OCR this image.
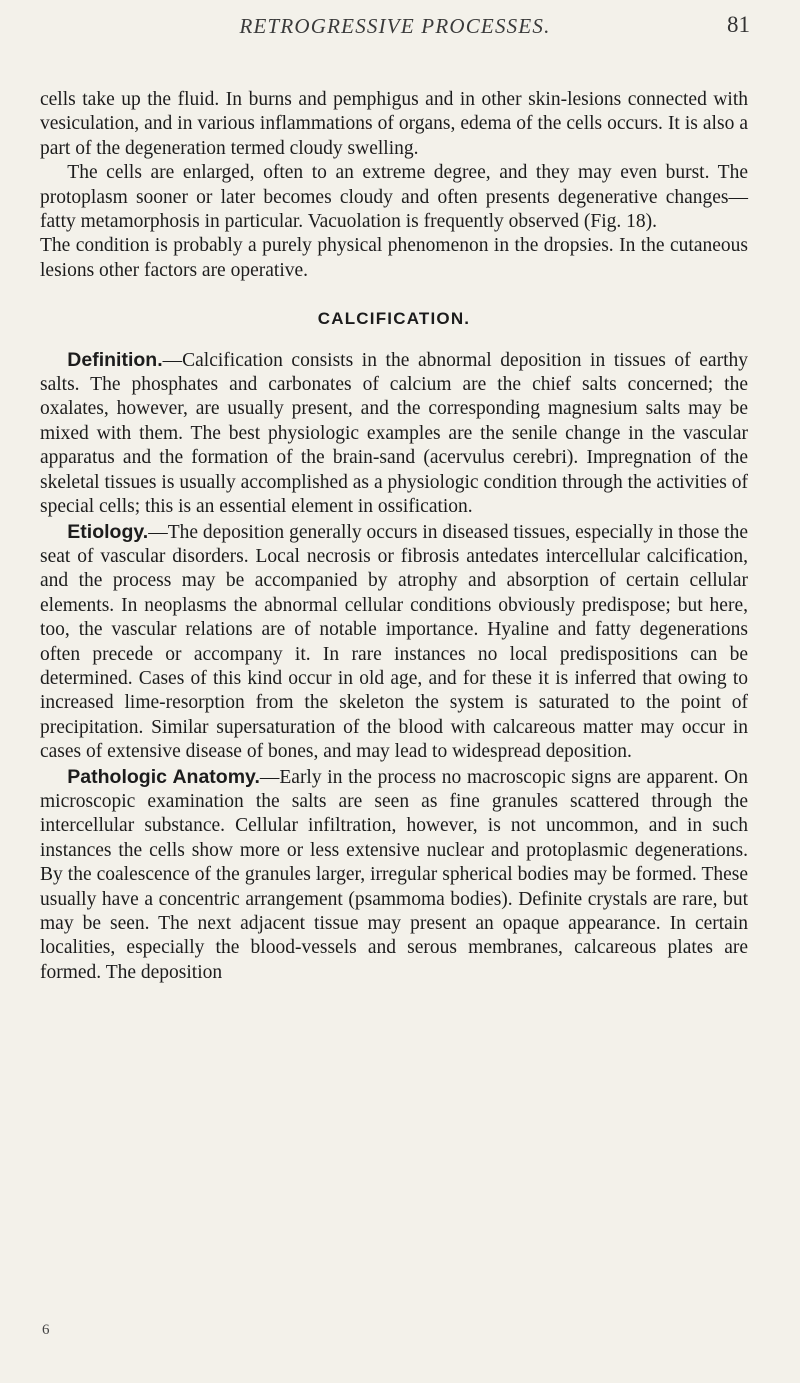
RETROGRESSIVE PROCESSES.	81

cells take up the fluid. In burns and pemphigus and in other skin-lesions connected with vesiculation, and in various inflammations of organs, edema of the cells occurs. It is also a part of the degeneration termed cloudy swelling.

The cells are enlarged, often to an extreme degree, and they may even burst. The protoplasm sooner or later becomes cloudy and often presents degenerative changes—fatty metamorphosis in particular. Vacuolation is frequently observed (Fig. 18).

The condition is probably a purely physical phenomenon in the dropsies. In the cutaneous lesions other factors are operative.

CALCIFICATION.

Definition.—Calcification consists in the abnormal deposition in tissues of earthy salts. The phosphates and carbonates of calcium are the chief salts concerned; the oxalates, however, are usually present, and the corresponding magnesium salts may be mixed with them. The best physiologic examples are the senile change in the vascular apparatus and the formation of the brain-sand (acervulus cerebri). Impregnation of the skeletal tissues is usually accomplished as a physiologic condition through the activities of special cells; this is an essential element in ossification.

Etiology.—The deposition generally occurs in diseased tissues, especially in those the seat of vascular disorders. Local necrosis or fibrosis antedates intercellular calcification, and the process may be accompanied by atrophy and absorption of certain cellular elements. In neoplasms the abnormal cellular conditions obviously predispose; but here, too, the vascular relations are of notable importance. Hyaline and fatty degenerations often precede or accompany it. In rare instances no local predispositions can be determined. Cases of this kind occur in old age, and for these it is inferred that owing to increased lime-resorption from the skeleton the system is saturated to the point of precipitation. Similar supersaturation of the blood with calcareous matter may occur in cases of extensive disease of bones, and may lead to widespread deposition.

Pathologic Anatomy.—Early in the process no macroscopic signs are apparent. On microscopic examination the salts are seen as fine granules scattered through the intercellular substance. Cellular infiltration, however, is not uncommon, and in such instances the cells show more or less extensive nuclear and protoplasmic degenerations. By the coalescence of the granules larger, irregular spherical bodies may be formed. These usually have a concentric arrangement (psammoma bodies). Definite crystals are rare, but may be seen. The next adjacent tissue may present an opaque appearance. In certain localities, especially the blood-vessels and serous membranes, calcareous plates are formed. The deposition

6
